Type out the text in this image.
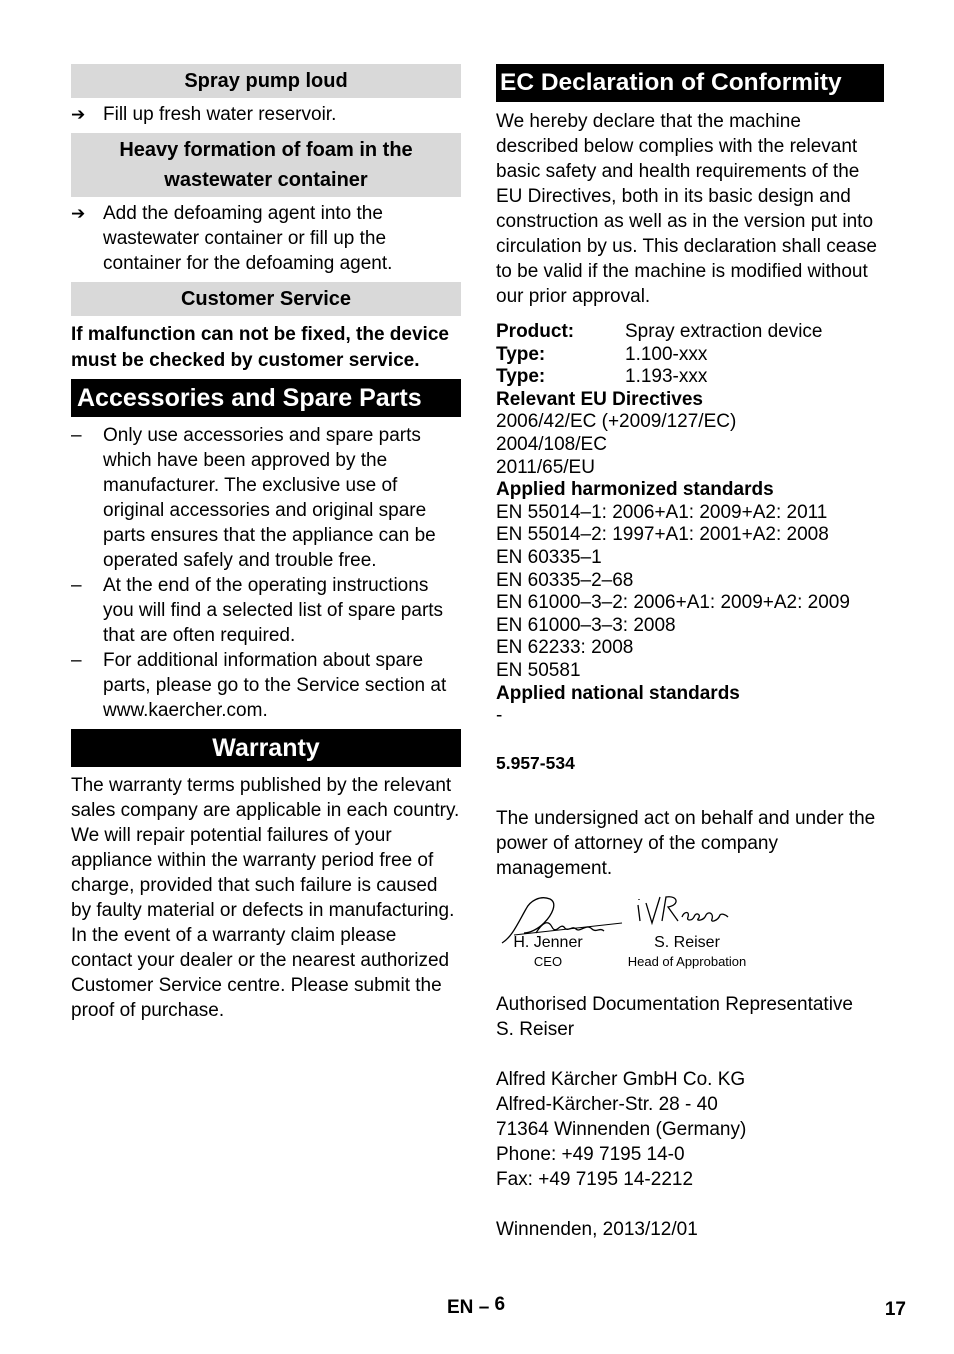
Spray pump loud
➔ Fill up fresh water reservoir.
Heavy formation of foam in the wastewater container
➔ Add the defoaming agent into the wastewater container or fill up the container for the defoaming agent.
Customer Service

If malfunction can not be fixed, the device must be checked by customer service.

Accessories and Spare Parts
–	Only use accessories and spare parts which have been approved by the manufacturer. The exclusive use of original accessories and original spare parts ensures that the appliance can be operated safely and trouble free.
–	At the end of the operating instructions you will find a selected list of spare parts that are often required.
–	For additional information about spare parts, please go to the Service section at www.kaercher.com.
Warranty

The warranty terms published by the relevant sales company are applicable in each country. We will repair potential failures of your appliance within the warranty period free of charge, provided that such failure is caused by faulty material or defects in manufacturing. In the event of a warranty claim please contact your dealer or the nearest authorized Customer Service centre. Please submit the proof of purchase.

EC Declaration of Conformity

We hereby declare that the machine described below complies with the relevant basic safety and health requirements of the EU Directives, both in its basic design and construction as well as in the version put into circulation by us. This declaration shall cease to be valid if the machine is modified without our prior approval.

Product:	Spray extraction device
Type:	1.100-xxx
Type:	1.193-xxx
Relevant EU Directives
2006/42/EC (+2009/127/EC)
2004/108/EC
2011/65/EU
Applied harmonized standards
EN 55014–1: 2006+A1: 2009+A2: 2011
EN 55014–2: 1997+A1: 2001+A2: 2008
EN 60335–1
EN 60335–2–68
EN 61000–3–2: 2006+A1: 2009+A2: 2009
EN 61000–3–3: 2008
EN 62233: 2008
EN 50581
Applied national standards
-

5.957-534

The undersigned act on behalf and under the power of attorney of the company management.

H. Jenner
CEO
S. Reiser
Head of Approbation

Authorised Documentation Representative

S. Reiser

Alfred Kärcher GmbH Co. KG

Alfred-Kärcher-Str. 28 - 40

71364 Winnenden (Germany)

Phone: +49 7195 14-0

Fax: +49 7195 14-2212

Winnenden, 2013/12/01

EN – 6	17
